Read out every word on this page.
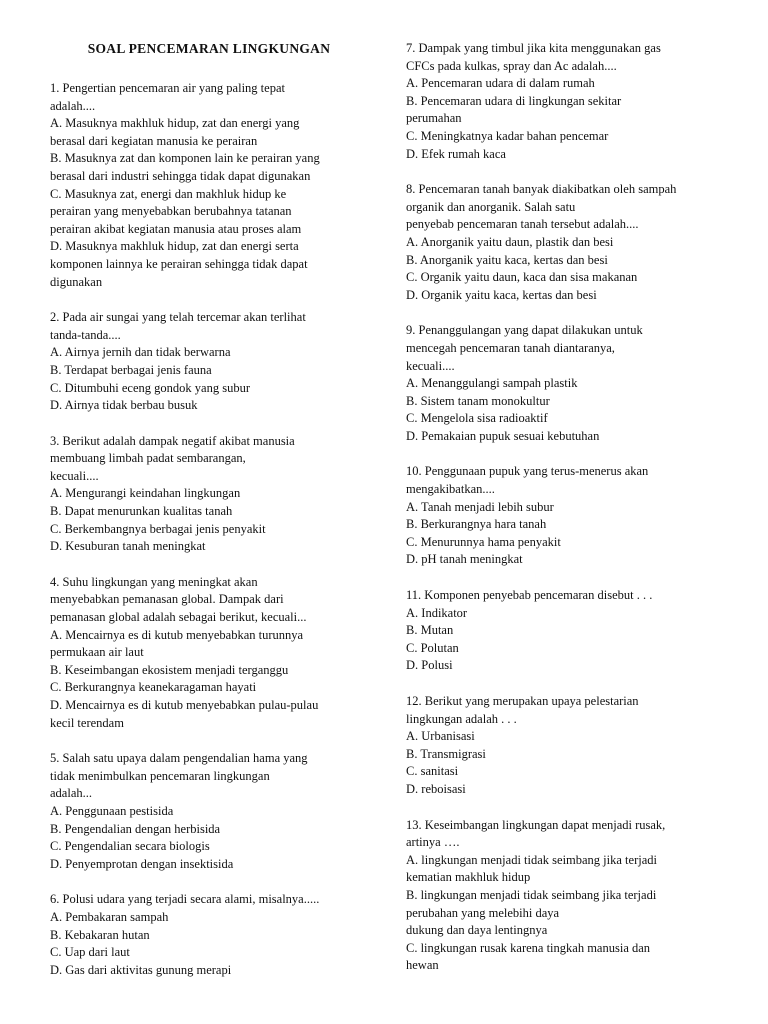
SOAL PENCEMARAN LINGKUNGAN
1. Pengertian pencemaran air yang paling tepat
adalah....
A. Masuknya makhluk hidup, zat dan energi yang
berasal dari kegiatan manusia ke perairan
B. Masuknya zat dan komponen lain ke perairan yang
berasal dari industri sehingga tidak dapat digunakan
C. Masuknya zat, energi dan makhluk hidup ke
perairan yang menyebabkan berubahnya tatanan
perairan akibat kegiatan manusia atau proses alam
D. Masuknya makhluk hidup, zat dan energi serta
komponen lainnya ke perairan sehingga tidak dapat
digunakan
2. Pada air sungai yang telah tercemar akan terlihat
tanda-tanda....
A. Airnya jernih dan tidak berwarna
B. Terdapat berbagai jenis fauna
C. Ditumbuhi eceng gondok yang subur
D. Airnya tidak berbau busuk
3. Berikut adalah dampak negatif akibat manusia
membuang limbah padat sembarangan,
kecuali....
A. Mengurangi keindahan lingkungan
B. Dapat menurunkan kualitas tanah
C. Berkembangnya berbagai jenis penyakit
D. Kesuburan tanah meningkat
4. Suhu lingkungan yang meningkat akan
menyebabkan pemanasan global. Dampak dari
pemanasan global adalah sebagai berikut, kecuali...
A. Mencairnya es di kutub menyebabkan turunnya
permukaan air laut
B. Keseimbangan ekosistem menjadi terganggu
C. Berkurangnya keanekaragaman hayati
D. Mencairnya es di kutub menyebabkan pulau-pulau
kecil terendam
5. Salah satu upaya dalam pengendalian hama yang
tidak menimbulkan pencemaran lingkungan
adalah...
A. Penggunaan pestisida
B. Pengendalian dengan herbisida
C. Pengendalian secara biologis
D. Penyemprotan dengan insektisida
6. Polusi udara yang terjadi secara alami, misalnya.....
A. Pembakaran sampah
B. Kebakaran hutan
C. Uap dari laut
D. Gas dari aktivitas gunung merapi
7. Dampak yang timbul jika kita menggunakan gas
CFCs pada kulkas, spray dan Ac adalah....
A. Pencemaran udara di dalam rumah
B. Pencemaran udara di lingkungan sekitar
perumahan
C. Meningkatnya kadar bahan pencemar
D. Efek rumah kaca
8. Pencemaran tanah banyak diakibatkan oleh sampah
organik dan anorganik. Salah satu
penyebab pencemaran tanah tersebut adalah....
A. Anorganik yaitu daun, plastik dan besi
B. Anorganik yaitu kaca, kertas dan besi
C. Organik yaitu daun, kaca dan sisa makanan
D. Organik yaitu kaca, kertas dan besi
9. Penanggulangan yang dapat dilakukan untuk
mencegah pencemaran tanah diantaranya,
kecuali....
A. Menanggulangi sampah plastik
B. Sistem tanam monokultur
C. Mengelola sisa radioaktif
D. Pemakaian pupuk sesuai kebutuhan
10. Penggunaan pupuk yang terus-menerus akan
mengakibatkan....
A. Tanah menjadi lebih subur
B. Berkurangnya hara tanah
C. Menurunnya hama penyakit
D. pH tanah meningkat
11. Komponen penyebab pencemaran disebut . . .
A. Indikator
B. Mutan
C. Polutan
D. Polusi
12. Berikut yang merupakan upaya pelestarian
lingkungan adalah . . .
A. Urbanisasi
B. Transmigrasi
C. sanitasi
D. reboisasi
13. Keseimbangan lingkungan dapat menjadi rusak,
artinya ….
A. lingkungan menjadi tidak seimbang jika terjadi
kematian makhluk hidup
B. lingkungan menjadi tidak seimbang jika terjadi
perubahan yang melebihi daya
dukung dan daya lentingnya
C. lingkungan rusak karena tingkah manusia dan
hewan
